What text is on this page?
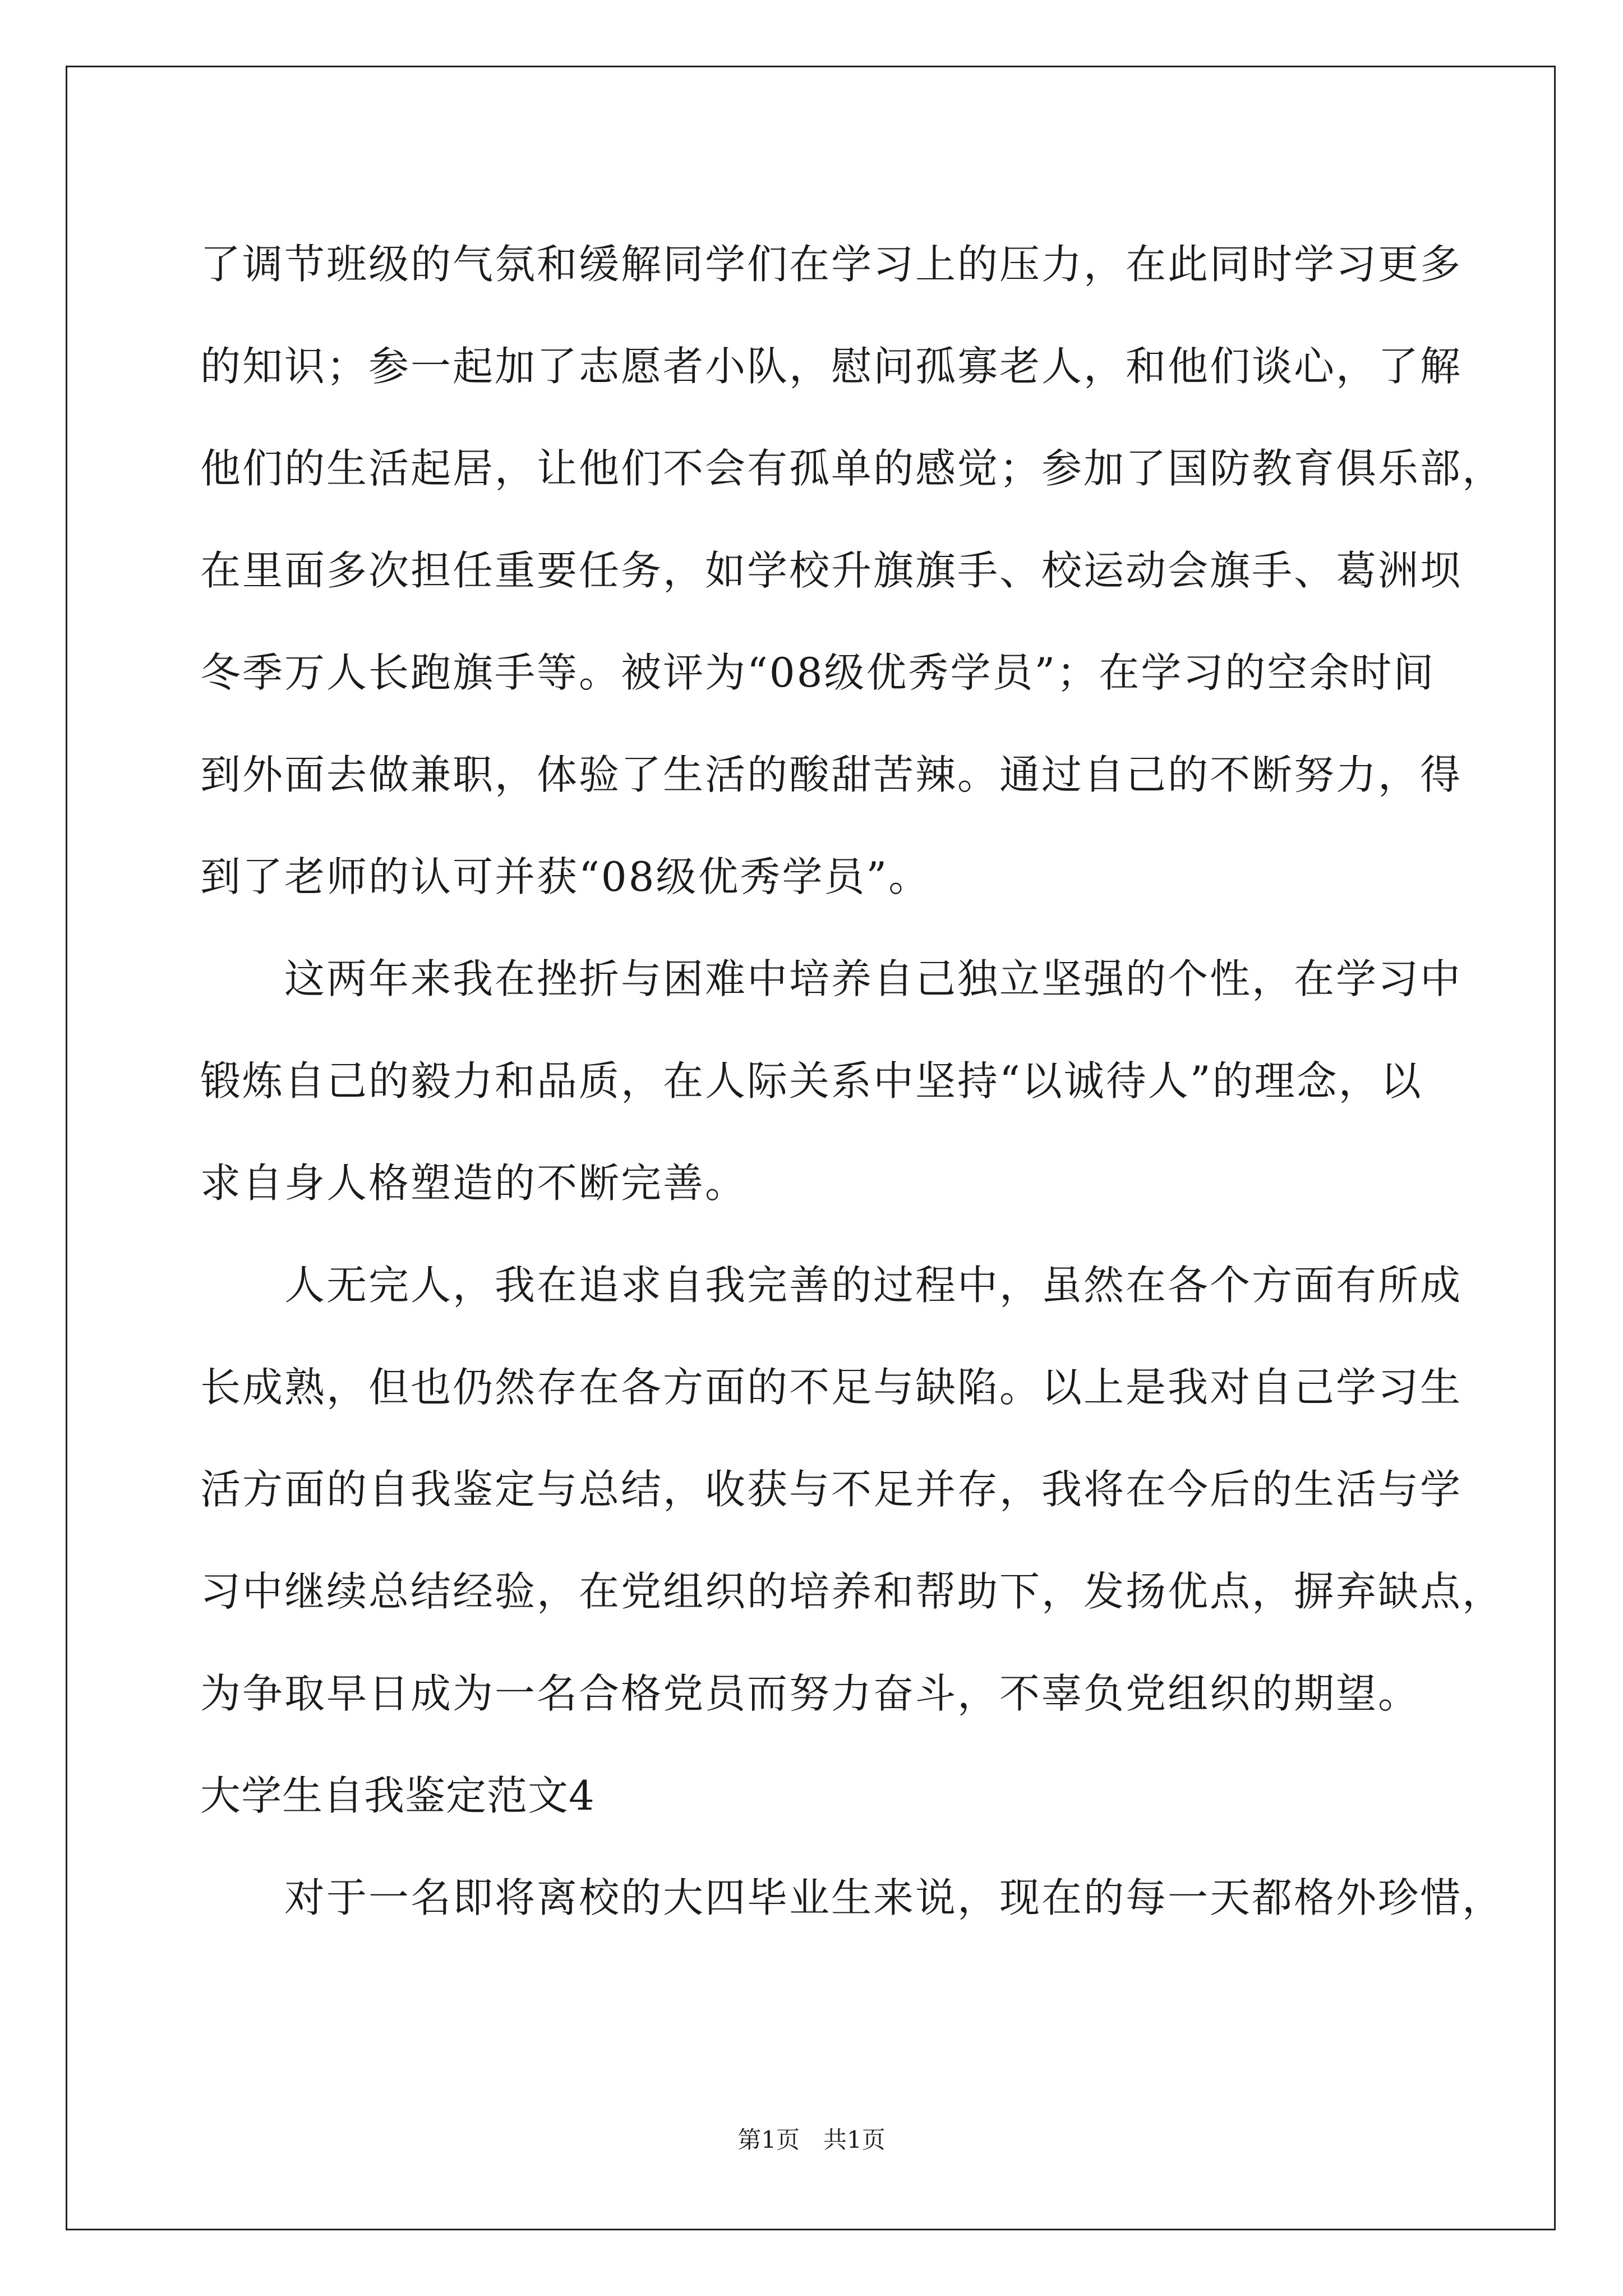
了调节班级的气氛和缓解同学们在学习上的压力，在此同时学习更多
的知识；参一起加了志愿者小队，慰问孤寡老人，和他们谈心，了解
他们的生活起居，让他们不会有孤单的感觉；参加了国防教育俱乐部，
在里面多次担任重要任务，如学校升旗旗手、校运动会旗手、葛洲坝
冬季万人长跑旗手等。被评为“08级优秀学员”；在学习的空余时间
到外面去做兼职，体验了生活的酸甜苦辣。通过自己的不断努力，得
到了老师的认可并获“08级优秀学员”。
　　这两年来我在挫折与困难中培养自己独立坚强的个性，在学习中
锻炼自己的毅力和品质，在人际关系中坚持“以诚待人”的理念，以
求自身人格塑造的不断完善。
　　人无完人，我在追求自我完善的过程中，虽然在各个方面有所成
长成熟，但也仍然存在各方面的不足与缺陷。以上是我对自己学习生
活方面的自我鉴定与总结，收获与不足并存，我将在今后的生活与学
习中继续总结经验，在党组织的培养和帮助下，发扬优点，摒弃缺点，
为争取早日成为一名合格党员而努力奋斗，不辜负党组织的期望。
大学生自我鉴定范文4
　　对于一名即将离校的大四毕业生来说，现在的每一天都格外珍惜，
第1页 共1页
